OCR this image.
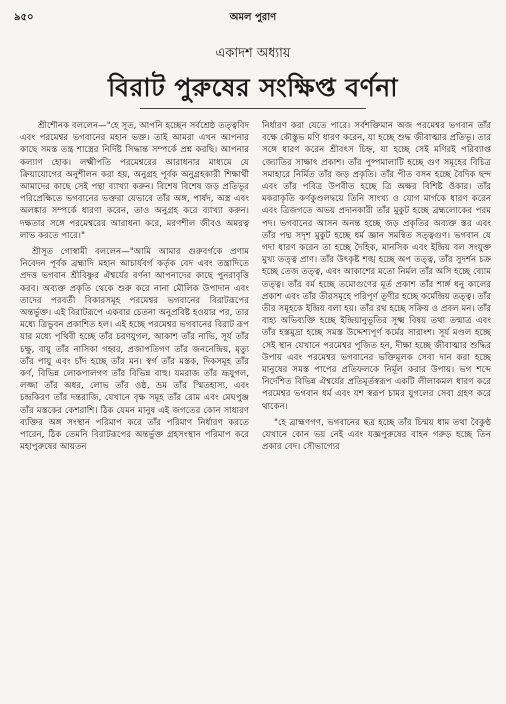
৯৫০	অমল পুরাণ
একাদশ অধ্যায়
বিরাট পুরুষের সংক্ষিপ্ত বর্ণনা

শ্রীশৌনক বললেন—"হে সূত, আপনি হচ্ছেন সর্বশ্রেষ্ঠ তত্ত্ববিদ এবং পরমেশ্বর ভগবানের মহান ভক্ত। তাই আমরা এখন আপনার কাছে সমস্ত তন্ত্র শাস্ত্রের নির্দিষ্ট সিদ্ধান্ত সম্পর্কে প্রশ্ন করছি। আপনার কল্যাণ হোক। লক্ষ্মীপতি পরমেশ্বরের আরাধনার মাধ্যমে যে ক্রিয়াযোগের অনুশীলন করা হয়, অনুগ্রহ পূর্বক অনুগ্রহকারী শিক্ষার্থী আমাদের কাছে সেই পন্থা ব্যাখ্যা করুন। বিশেষ বিশেষ জড় প্রতিভূর পরিপ্রেক্ষিতে ভগবানের ভক্তরা যেভাবে তাঁর অঙ্গ, পার্ষদ, অস্ত্র এবং অলঙ্কার সম্পর্কে ধারণা করেন, তাও অনুগ্রহ করে ব্যাখ্যা করুন। দক্ষতার সঙ্গে পরমেশ্বরের আরাধনা করে, মরণশীল জীবও অমরত্ব লাভ করতে পারে।"

শ্রীসূত গোস্বামী বললেন—"আমি আমার গুরুবর্গকে প্রণাম নিবেদন পূর্বক ব্রহ্মাদি মহান আচার্যবর্গ কর্তৃক বেদ এবং তন্ত্রাদিতে প্রদত্ত ভগবান শ্রীবিষ্ণুর ঐশ্বর্যের বর্ণনা আপনাদের কাছে পুনরাবৃত্তি করব। অব্যক্ত প্রকৃতি থেকে শুরু করে নানা মৌলিক উপাদান এবং তাদের পরবর্তী বিকারসমূহ পরমেশ্বর ভগবানের বিরাটরূপের অন্তর্ভুক্ত। এই বিরাটরূপে একবার চেতনা অনুপ্রবিষ্ট হওয়ার পর, তার মধ্যে ত্রিভুবন প্রকাশিত হল। এই হচ্ছে পরমেশ্বর ভগবানের বিরাট রূপ যার মধ্যে পৃথিবী হচ্ছে তাঁর চরণযুগল, আকাশ তাঁর নাভি, সূর্য তাঁর চক্ষু, বায়ু তাঁর নাসিকা গহ্বর, প্রজাপতিগণ তাঁর জননেন্দ্রিয়, মৃত্যু তাঁর পায়ু এবং চাঁদ হচ্ছে তাঁর মন। স্বর্গ তাঁর মস্তক, দিকসমূহ তাঁর কর্ণ, বিভিন্ন লোকপালগণ তাঁর বিভিন্ন বাহু। যমরাজ তাঁর ভ্রূযুগল, লজ্জা তাঁর অধর, লোভ তাঁর ওষ্ঠ, ভ্রম তাঁর স্মিতহাস্য, এবং চন্দ্রকিরণ তাঁর দন্তরাজি, যেখানে বৃক্ষ সমূহ তাঁর রোম এবং মেঘপুঞ্জ তাঁর মস্তকের কেশরাশি। ঠিক যেমন মানুষ এই জগতের কোন সাধারণ ব্যক্তির অঙ্গ সংস্থান পরিমাপ করে তাঁর পরিমাণ নির্ধারণ করতে পারেন, ঠিক তেমনি বিরাটরূপের অন্তর্ভুক্ত গ্রহসংস্থান পরিমাপ করে মহাপুরুষের আয়তন

নির্ধারণ করা যেতে পারে। সর্বশক্তিমান অজ পরমেশ্বর ভগবান তাঁর বক্ষে কৌস্তুভ মণি ধারণ করেন, যা হচ্ছে শুদ্ধ জীবাত্মার প্রতিভূ। তার সঙ্গে ধারণ করেন শ্রীবৎস চিহ্ন, যা হচ্ছে সেই মণিরই পরিব্যাপ্ত জ্যোতির সাক্ষাৎ প্রকাশ। তাঁর পুষ্পমালাটি হচ্ছে গুণ সমূহের বিচিত্র সমাহারে নির্মিত তাঁর জড় প্রকৃতি। তাঁর পীত বসন হচ্ছে বৈদিক ছন্দ এবং তাঁর পবিত্র উপবীত হচ্ছে ত্রি অক্ষর বিশিষ্ট ওঁকার। তাঁর মকরাকৃতি কর্ণকুণ্ডলদ্বয়ে তিনি সাংখ্য ও যোগ মার্গকে ধারণ করেন এবং ত্রিজগতে অভয় প্রদানকারী তাঁর মুকুট হচ্ছে ব্রহ্মলোকের পরম পদ। ভগবানের আসন অনন্ত হচ্ছে জড় প্রকৃতির অব্যক্ত স্তর এবং তাঁর পদ্ম সদৃশ মুকুট হচ্ছে ধর্ম জ্ঞান সমন্বিত সত্ত্বগুণ। ভগবান যে গদা ধারণ করেন তা হচ্ছে দৈহিক, মানসিক এবং ইন্দ্রিয় বল সংযুক্ত মুখ্য তত্ত্ব প্রাণ। তাঁর উৎকৃষ্ট শঙ্খ হচ্ছে অপ তত্ত্ব, তাঁর সুদর্শন চক্র হচ্ছে তেজ তত্ত্ব, এবং আকাশের মতো নির্মল তাঁর অসি হচ্ছে ব্যোম তত্ত্ব। তাঁর বর্ম হচ্ছে তমোগুণের মূর্ত প্রকাশ তাঁর শার্ঙ্গ ধনু কালের প্রকাশ এবং তাঁর তীরসমূহে পরিপূর্ণ তূণীর হচ্ছে কর্মেন্দ্রিয় তত্ত্ব। তাঁর তীর সমূহকে ইন্দ্রিয় বলা হয়। তাঁর রথ হচ্ছে সক্রিয় ও প্রবল মন। তাঁর বাহ্য অভিব্যক্তি হচ্ছে ইন্দ্রিয়ানুভূতির সূক্ষ্ম বিষয় তথা তন্মাত্র এবং তাঁর হস্তমুদ্রা হচ্ছে সমস্ত উদ্দেশ্যপূর্ণ কর্মের সারাংশ। সূর্য মণ্ডল হচ্ছে সেই স্থান যেখানে পরমেশ্বর পূজিত হন, দীক্ষা হচ্ছে জীবাত্মার শুদ্ধির উপায় এবং পরমেশ্বর ভগবানের ভক্তিমূলক সেবা দান করা হচ্ছে মানুষের সমস্ত পাপের প্রতিফলকে নির্মূল করার উপায়। ভগ শব্দে নির্দেশিত বিভিন্ন ঐশ্বর্যের প্রতিমূর্তস্বরূপ একটি লীলাকমল ধারণ করে পরমেশ্বর ভগবান ধর্ম এবং যশ স্বরূপ চামর যুগলের সেবা গ্রহণ করে থাকেন।

"হে ব্রাহ্মণগণ, ভগবানের ছত্র হচ্ছে তাঁর চিন্ময় ধাম তথা বৈকুণ্ঠ যেখানে কোন ভয় নেই এবং যজ্ঞপুরুষের বাহন গরুড় হচ্ছে তিন প্রকার বেদ। সৌভাগ্যের
